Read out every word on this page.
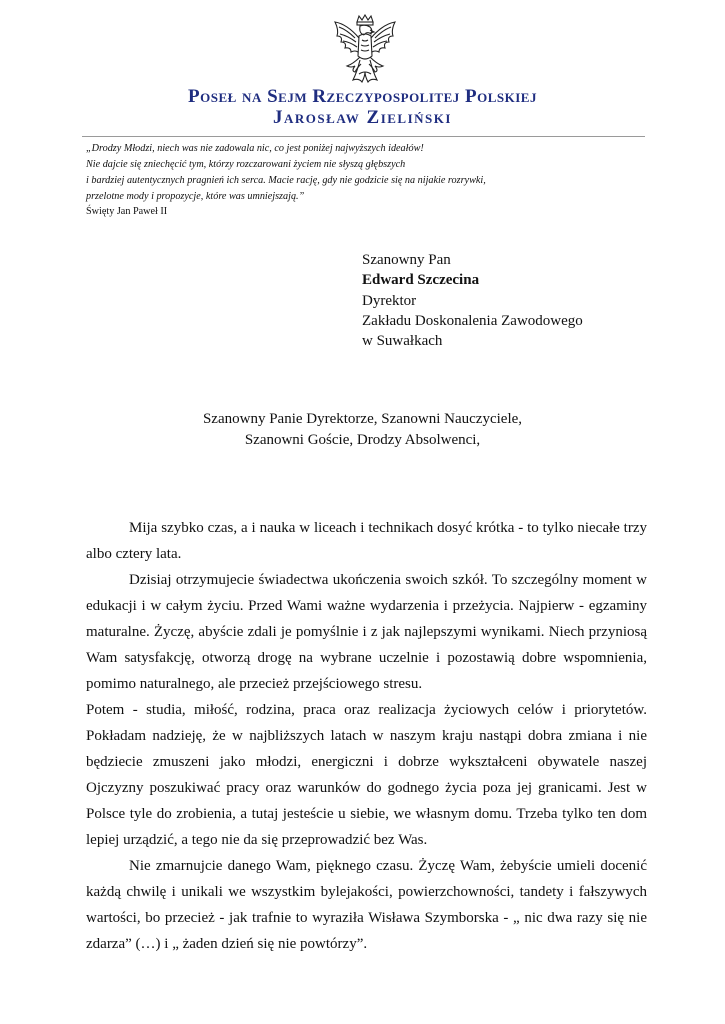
Poseł na Sejm Rzeczypospolitej Polskiej
Jarosław Zieliński
„Drodzy Młodzi, niech was nie zadowala nic, co jest poniżej najwyższych ideałów!
Nie dajcie się zniechęcić tym, którzy rozczarowani życiem nie słyszą głębszych
i bardziej autentycznych pragnień ich serca. Macie rację, gdy nie godzicie się na nijakie rozrywki,
przelotne mody i propozycje, które was umniejszają.”
Święty Jan Paweł II
Szanowny Pan
Edward Szczecina
Dyrektor
Zakładu Doskonalenia Zawodowego
w Suwałkach
Szanowny Panie Dyrektorze, Szanowni Nauczyciele,
Szanowni Goście, Drodzy Absolwenci,
Mija szybko czas, a i nauka w liceach i technikach dosyć krótka - to tylko niecałe trzy albo cztery lata.
Dzisiaj otrzymujecie świadectwa ukończenia swoich szkół. To szczególny moment w edukacji i w całym życiu. Przed Wami ważne wydarzenia i przeżycia. Najpierw - egzaminy maturalne. Życzę, abyście zdali je pomyślnie i z jak najlepszymi wynikami. Niech przyniosą Wam satysfakcję, otworzą drogę na wybrane uczelnie i pozostawią dobre wspomnienia, pomimo naturalnego, ale przecież przejściowego stresu.
Potem - studia, miłość, rodzina, praca oraz realizacja życiowych celów i priorytetów. Pokładam nadzieję, że w najbliższych latach w naszym kraju nastąpi dobra zmiana i nie będziecie zmuszeni jako młodzi, energiczni i dobrze wykształceni obywatele naszej Ojczyzny poszukiwać pracy oraz warunków do godnego życia poza jej granicami. Jest w Polsce tyle do zrobienia, a tutaj jesteście u siebie, we własnym domu. Trzeba tylko ten dom lepiej urządzić, a tego nie da się przeprowadzić bez Was.
Nie zmarnujcie danego Wam, pięknego czasu. Życzę Wam, żebyście umieli docenić każdą chwilę i unikali we wszystkim bylejakości, powierzchowności, tandety i fałszywych wartości, bo przecież - jak trafnie to wyraziła Wisława Szymborska - „ nic dwa razy się nie zdarza” (…) i „ żaden dzień się nie powtórzy”.
